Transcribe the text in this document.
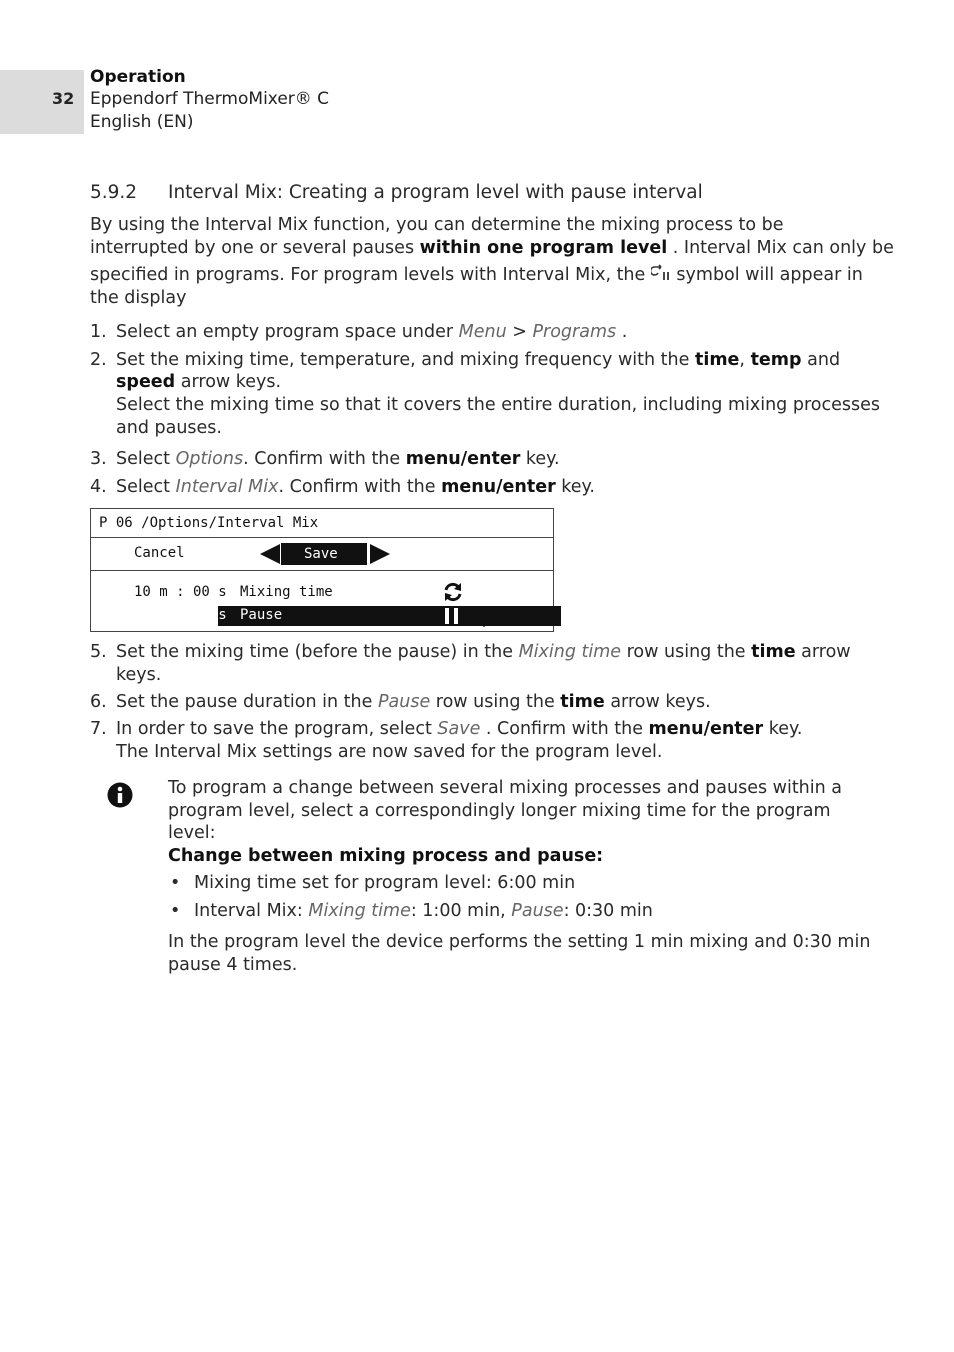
32
Operation
Eppendorf ThermoMixer® C
English (EN)
5.9.2 Interval Mix: Creating a program level with pause interval
By using the Interval Mix function, you can determine the mixing process to be
interrupted by one or several pauses within one program level . Interval Mix can only be
specified in programs. For program levels with Interval Mix, the  symbol will appear in
the display
1. Select an empty program space under Menu > Programs .
2. Set the mixing time, temperature, and mixing frequency with the time, temp and
speed arrow keys.
Select the mixing time so that it covers the entire duration, including mixing processes
and pauses.
3. Select Options. Confirm with the menu/enter key.
4. Select Interval Mix. Confirm with the menu/enter key.
P 06 /Options/Interval Mix
Cancel	Save
10 m : 00 s Mixing time
01 m : 00 s Pause
5. Set the mixing time (before the pause) in the Mixing time row using the time arrow
keys.
6. Set the pause duration in the Pause row using the time arrow keys.
7. In order to save the program, select Save . Confirm with the menu/enter key.
The Interval Mix settings are now saved for the program level.
To program a change between several mixing processes and pauses within a
program level, select a correspondingly longer mixing time for the program
level:
Change between mixing process and pause:
• Mixing time set for program level: 6:00 min
• Interval Mix: Mixing time: 1:00 min, Pause: 0:30 min
In the program level the device performs the setting 1 min mixing and 0:30 min
pause 4 times.
